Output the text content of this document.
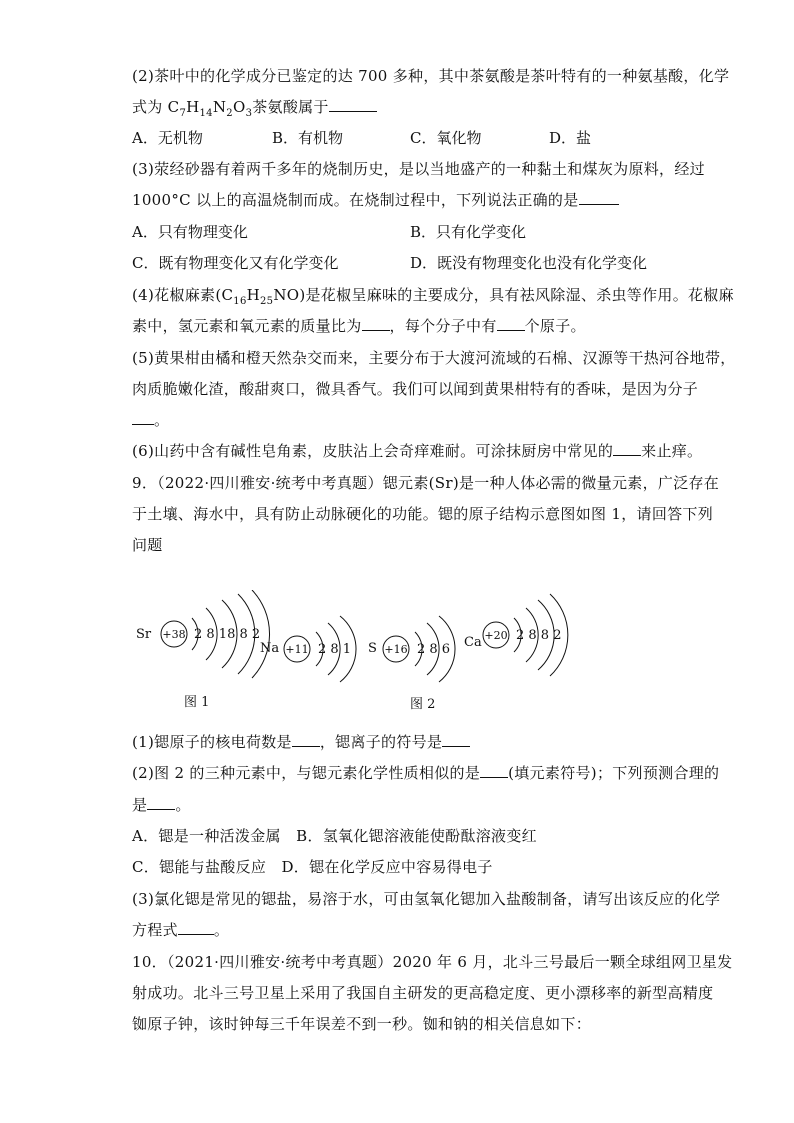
(2)茶叶中的化学成分已鉴定的达 700 多种，其中茶氨酸是茶叶特有的一种氨基酸，化学
式为 $C_7H_{14}N_2O_3$茶氨酸属于
A．无机物	B．有机物	C．氧化物	D．盐
(3)荥经砂器有着两千多年的烧制历史，是以当地盛产的一种黏土和煤灰为原料，经过
1000°C 以上的高温烧制而成。在烧制过程中，下列说法正确的是
A．只有物理变化	B．只有化学变化
C．既有物理变化又有化学变化	D．既没有物理变化也没有化学变化
(4)花椒麻素$(C_{16}H_{25}NO)$是花椒呈麻味的主要成分，具有祛风除湿、杀虫等作用。花椒麻
素中，氢元素和氧元素的质量比为 ，每个分子中有 个原子。
(5)黄果柑由橘和橙天然杂交而来，主要分布于大渡河流域的石棉、汉源等干热河谷地带，
肉质脆嫩化渣，酸甜爽口，微具香气。我们可以闻到黄果柑特有的香味，是因为分子
。
(6)山药中含有碱性皂角素，皮肤沾上会奇痒难耐。可涂抹厨房中常见的 来止痒。
9．（2022·四川雅安·统考中考真题）锶元素(Sr)是一种人体必需的微量元素，广泛存在
于土壤、海水中，具有防止动脉硬化的功能。锶的原子结构示意图如图 1，请回答下列
问题
Sr +38 2 8 18 8 2
图 1
Na +11 2 8 1 S +16 2 8 6
图 2
Ca +20 2 8 8 2
(1)锶原子的核电荷数是 ，锶离子的符号是
(2)图 2 的三种元素中，与锶元素化学性质相似的是 (填元素符号)；下列预测合理的
是 。
A．锶是一种活泼金属　B．氢氧化锶溶液能使酚酞溶液变红
C．锶能与盐酸反应　D．锶在化学反应中容易得电子
(3)氯化锶是常见的锶盐，易溶于水，可由氢氧化锶加入盐酸制备，请写出该反应的化学
方程式 。
10．（2021·四川雅安·统考中考真题）2020 年 6 月，北斗三号最后一颗全球组网卫星发
射成功。北斗三号卫星上采用了我国自主研发的更高稳定度、更小漂移率的新型高精度
铷原子钟，该时钟每三千年误差不到一秒。铷和钠的相关信息如下：
